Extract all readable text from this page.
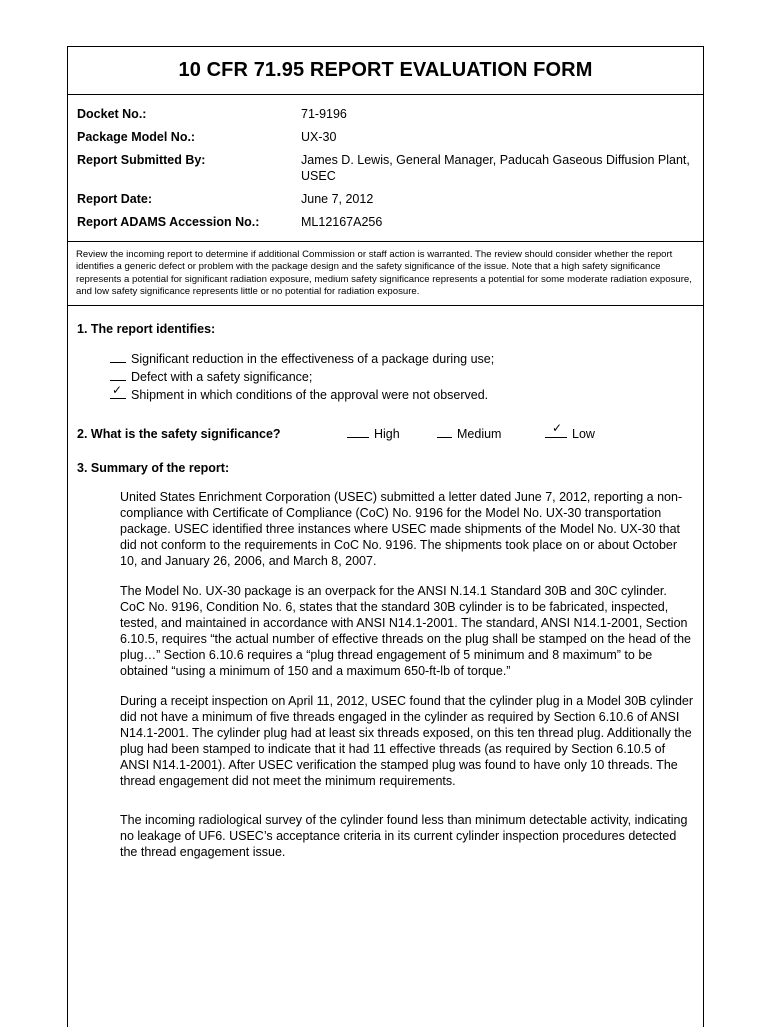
10 CFR 71.95 REPORT EVALUATION FORM
Docket No.:	71-9196
Package Model No.:	UX-30
Report Submitted By:	James D. Lewis, General Manager, Paducah Gaseous Diffusion Plant, USEC
Report Date:	June 7, 2012
Report ADAMS Accession No.:	ML12167A256
Review the incoming report to determine if additional Commission or staff action is warranted. The review should consider whether the report identifies a generic defect or problem with the package design and the safety significance of the issue. Note that a high safety significance represents a potential for significant radiation exposure, medium safety significance represents a potential for some moderate radiation exposure, and low safety significance represents little or no potential for radiation exposure.
1. The report identifies:
Significant reduction in the effectiveness of a package during use;
Defect with a safety significance;
✓ Shipment in which conditions of the approval were not observed.
2. What is the safety significance?	High	Medium	✓ Low
3. Summary of the report:
United States Enrichment Corporation (USEC) submitted a letter dated June 7, 2012, reporting a non-compliance with Certificate of Compliance (CoC) No. 9196 for the Model No. UX-30 transportation package. USEC identified three instances where USEC made shipments of the Model No. UX-30 that did not conform to the requirements in CoC No. 9196. The shipments took place on or about October 10, and January 26, 2006, and March 8, 2007.
The Model No. UX-30 package is an overpack for the ANSI N.14.1 Standard 30B and 30C cylinder. CoC No. 9196, Condition No. 6, states that the standard 30B cylinder is to be fabricated, inspected, tested, and maintained in accordance with ANSI N14.1-2001. The standard, ANSI N14.1-2001, Section 6.10.5, requires “the actual number of effective threads on the plug shall be stamped on the head of the plug…” Section 6.10.6 requires a “plug thread engagement of 5 minimum and 8 maximum” to be obtained “using a minimum of 150 and a maximum 650-ft-lb of torque.”
During a receipt inspection on April 11, 2012, USEC found that the cylinder plug in a Model 30B cylinder did not have a minimum of five threads engaged in the cylinder as required by Section 6.10.6 of ANSI N14.1-2001. The cylinder plug had at least six threads exposed, on this ten thread plug. Additionally the plug had been stamped to indicate that it had 11 effective threads (as required by Section 6.10.5 of ANSI N14.1-2001). After USEC verification the stamped plug was found to have only 10 threads. The thread engagement did not meet the minimum requirements.
The incoming radiological survey of the cylinder found less than minimum detectable activity, indicating no leakage of UF6. USEC’s acceptance criteria in its current cylinder inspection procedures detected the thread engagement issue.
